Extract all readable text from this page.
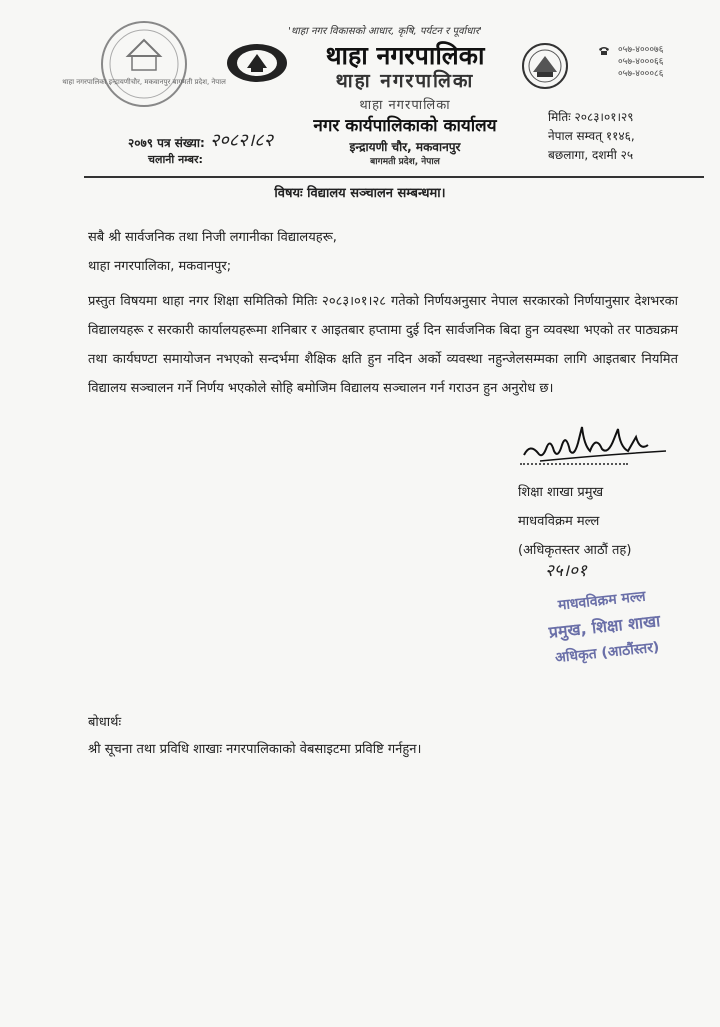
थाहा नगरपालिका इन्द्रायणीचौर, मकवानपुर बागमती प्रदेश, नेपाल
'थाहा नगर विकासको आधार, कृषि, पर्यटन र पूर्वाधार'
थाहा नगरपालिका
थाहा नगरपालिका
थाहा नगरपालिका
नगर कार्यपालिकाको कार्यालय
इन्द्रायणी चौर, मकवानपुर
बागमती प्रदेश, नेपाल
०५७-४०००७६
०५७-४०००६६
०५७-४०००८६
मितिः २०८३।०१।२९
नेपाल सम्वत् ११४६,
बछलागा, दशमी २५
२०७९ पत्र संख्या: २०८२।८२
चलानी नम्बर:
विषयः विद्यालय सञ्चालन सम्बन्धमा।
सबै श्री सार्वजनिक तथा निजी लगानीका विद्यालयहरू,
थाहा नगरपालिका, मकवानपुर;
प्रस्तुत विषयमा थाहा नगर शिक्षा समितिको मितिः २०८३।०१।२८ गतेको निर्णयअनुसार नेपाल सरकारको निर्णयानुसार देशभरका विद्यालयहरू र सरकारी कार्यालयहरूमा शनिबार र आइतबार हप्तामा दुई दिन सार्वजनिक बिदा हुन व्यवस्था भएको तर पाठ्यक्रम तथा कार्यघण्टा समायोजन नभएको सन्दर्भमा शैक्षिक क्षति हुन नदिन अर्को व्यवस्था नहुन्जेलसम्मका लागि आइतबार नियमित विद्यालय सञ्चालन गर्ने निर्णय भएकोले सोहि बमोजिम विद्यालय सञ्चालन गर्न गराउन हुन अनुरोध छ।
Madhab
शिक्षा शाखा प्रमुख
माधवविक्रम मल्ल
(अधिकृतस्तर आठौं तह)
२५।०१
माधवविक्रम मल्ल
प्रमुख, शिक्षा शाखा
अधिकृत (आठौंस्तर)
बोधार्थः
श्री सूचना तथा प्रविधि शाखाः नगरपालिकाको वेबसाइटमा प्रविष्टि गर्नहुन।
